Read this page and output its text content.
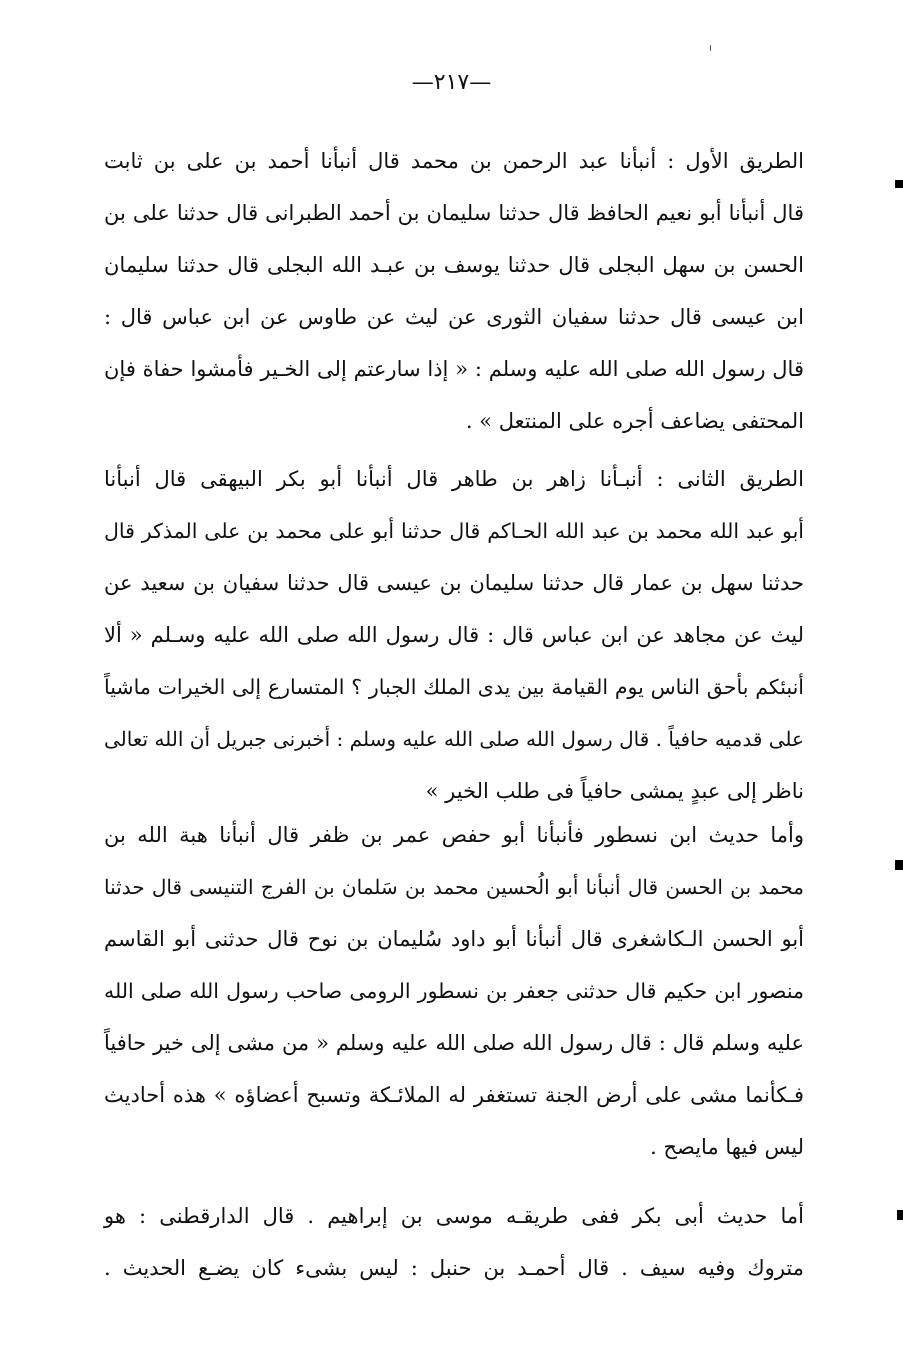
—٢١٧—
الطريق الأول : أنبأنا عبد الرحمن بن محمد قال أنبأنا أحمد بن على بن ثابت
قال أنبأنا أبو نعيم الحافظ قال حدثنا سليمان بن أحمد الطبرانى قال حدثنا على بن
الحسن بن سهل البجلى قال حدثنا يوسف بن عبـد الله البجلى قال حدثنا سليمان
ابن عيسى قال حدثنا سفيان الثورى عن ليث عن طاوس عن ابن عباس قال :
قال رسول الله صلى الله عليه وسلم : « إذا سارعتم إلى الخـير فأمشوا حفاة فإن
المحتفى يضاعف أجره على المنتعل » .
الطريق الثانى : أنبـأنا زاهر بن طاهر قال أنبأنا أبو بكر البيهقى قال أنبأنا
أبو عبد الله محمد بن عبد الله الحـاكم قال حدثنا أبو على محمد بن على المذكر قال
حدثنا سهل بن عمار قال حدثنا سليمان بن عيسى قال حدثنا سفيان بن سعيد عن
ليث عن مجاهد عن ابن عباس قال : قال رسول الله صلى الله عليه وسـلم « ألا
أنبئكم بأحق الناس يوم القيامة بين يدى الملك الجبار ؟ المتسارع إلى الخيرات ماشياً
على قدميه حافياً . قال رسول الله صلى الله عليه وسلم : أخبرنى جبريل أن الله تعالى
ناظر إلى عبدٍ يمشى حافياً فى طلب الخير »
وأما حديث ابن نسطور فأنبأنا أبو حفص عمر بن ظفر قال أنبأنا هبة الله بن
محمد بن الحسن قال أنبأنا أبو الُحسين محمد بن سَلمان بن الفرج التنيسى قال حدثنا
أبو الحسن الـكاشغرى قال أنبأنا أبو داود سُليمان بن نوح قال حدثنى أبو القاسم
منصور ابن حكيم قال حدثنى جعفر بن نسطور الرومى صاحب رسول الله صلى الله
عليه وسلم قال : قال رسول الله صلى الله عليه وسلم « من مشى إلى خير حافياً
فـكأنما مشى على أرض الجنة تستغفر له الملائـكة وتسبح أعضاؤه » هذه أحاديث
ليس فيها مايصح .
أما حديث أبى بكر ففى طريقـه موسى بن إبراهيم . قال الدارقطنى : هو
متروك وفيه سيف . قال أحمـد بن حنبل : ليس بشىء كان يضـع الحديث .
